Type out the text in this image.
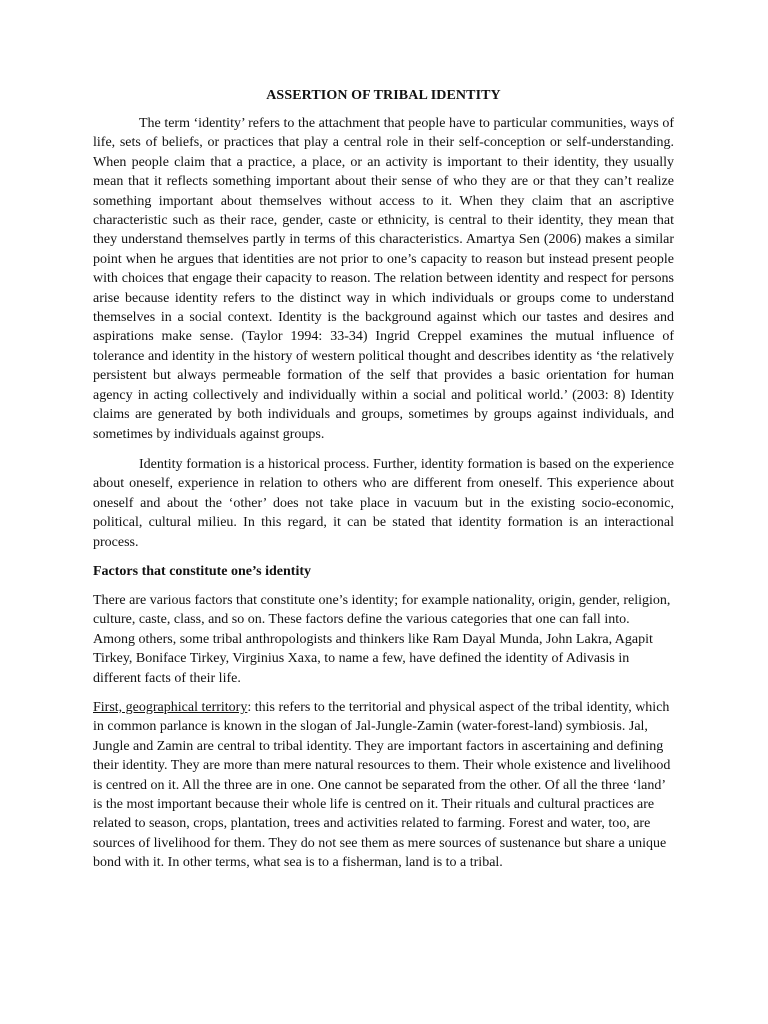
ASSERTION OF TRIBAL IDENTITY

The term ‘identity’ refers to the attachment that people have to particular communities, ways of life, sets of beliefs, or practices that play a central role in their self-conception or self-understanding. When people claim that a practice, a place, or an activity is important to their identity, they usually mean that it reflects something important about their sense of who they are or that they can’t realize something important about themselves without access to it. When they claim that an ascriptive characteristic such as their race, gender, caste or ethnicity, is central to their identity, they mean that they understand themselves partly in terms of this characteristics. Amartya Sen (2006) makes a similar point when he argues that identities are not prior to one’s capacity to reason but instead present people with choices that engage their capacity to reason. The relation between identity and respect for persons arise because identity refers to the distinct way in which individuals or groups come to understand themselves in a social context. Identity is the background against which our tastes and desires and aspirations make sense. (Taylor 1994: 33-34) Ingrid Creppel examines the mutual influence of tolerance and identity in the history of western political thought and describes identity as ‘the relatively persistent but always permeable formation of the self that provides a basic orientation for human agency in acting collectively and individually within a social and political world.’ (2003: 8) Identity claims are generated by both individuals and groups, sometimes by groups against individuals, and sometimes by individuals against groups.

Identity formation is a historical process. Further, identity formation is based on the experience about oneself, experience in relation to others who are different from oneself. This experience about oneself and about the ‘other’ does not take place in vacuum but in the existing socio-economic, political, cultural milieu. In this regard, it can be stated that identity formation is an interactional process.

Factors that constitute one’s identity

There are various factors that constitute one’s identity; for example nationality, origin, gender, religion, culture, caste, class, and so on. These factors define the various categories that one can fall into. Among others, some tribal anthropologists and thinkers like Ram Dayal Munda, John Lakra, Agapit Tirkey, Boniface Tirkey, Virginius Xaxa, to name a few, have defined the identity of Adivasis in different facts of their life.

First, geographical territory: this refers to the territorial and physical aspect of the tribal identity, which in common parlance is known in the slogan of Jal-Jungle-Zamin (water-forest-land) symbiosis. Jal, Jungle and Zamin are central to tribal identity. They are important factors in ascertaining and defining their identity. They are more than mere natural resources to them. Their whole existence and livelihood is centred on it. All the three are in one. One cannot be separated from the other. Of all the three ‘land’ is the most important because their whole life is centred on it. Their rituals and cultural practices are related to season, crops, plantation, trees and activities related to farming. Forest and water, too, are sources of livelihood for them. They do not see them as mere sources of sustenance but share a unique bond with it. In other terms, what sea is to a fisherman, land is to a tribal.
